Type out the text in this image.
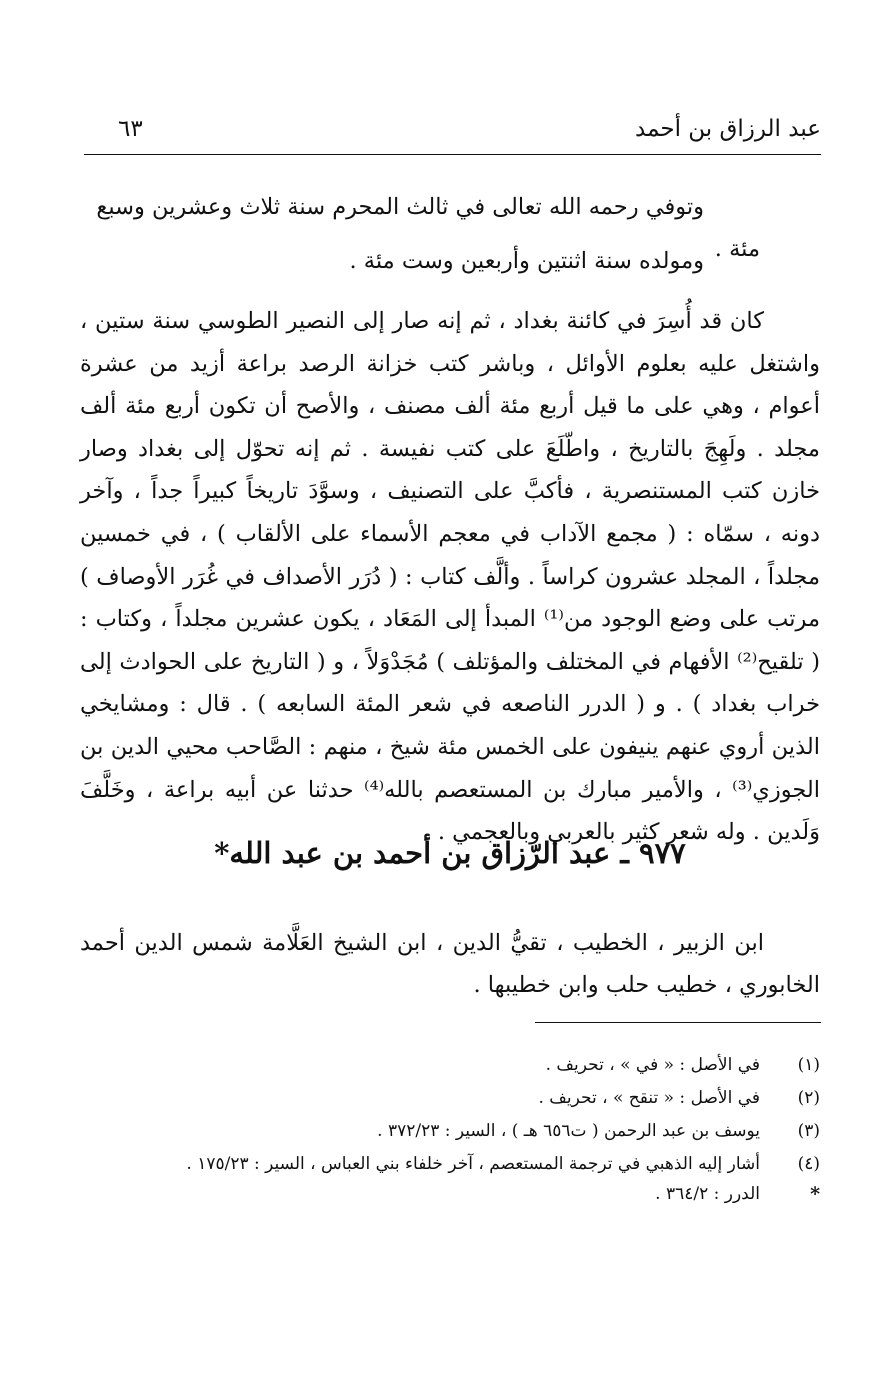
عبد الرزاق بن أحمد
٦٣

وتوفي رحمه الله تعالى في ثالث المحرم سنة ثلاث وعشرين وسبع مئة .

ومولده سنة اثنتين وأربعين وست مئة .

كان قد أُسِرَ في كائنة بغداد ، ثم إنه صار إلى النصير الطوسي سنة ستين ، واشتغل عليه بعلوم الأوائل ، وباشر كتب خزانة الرصد براعة أزيد من عشرة أعوام ، وهي على ما قيل أربع مئة ألف مصنف ، والأصح أن تكون أربع مئة ألف مجلد . ولَهِجَ بالتاريخ ، واطّلَعَ على كتب نفيسة . ثم إنه تحوّل إلى بغداد وصار خازن كتب المستنصرية ، فأكبَّ على التصنيف ، وسوَّدَ تاريخاً كبيراً جداً ، وآخر دونه ، سمّاه : ( مجمع الآداب في معجم الأسماء على الألقاب ) ، في خمسين مجلداً ، المجلد عشرون كراساً . وألَّف كتاب : ( دُرَر الأصداف في غُرَر الأوصاف ) مرتب على وضع الوجود من⁽¹⁾ المبدأ إلى المَعَاد ، يكون عشرين مجلداً ، وكتاب : ( تلقيح⁽²⁾ الأفهام في المختلف والمؤتلف ) مُجَدْوَلاً ، و ( التاريخ على الحوادث إلى خراب بغداد ) . و ( الدرر الناصعه في شعر المئة السابعه ) . قال : ومشايخي الذين أروي عنهم ينيفون على الخمس مئة شيخ ، منهم : الصَّاحب محيي الدين بن الجوزي⁽³⁾ ، والأمير مبارك بن المستعصم بالله⁽⁴⁾ حدثنا عن أبيه براعة ، وخَلَّفَ وَلَدين . وله شعر كثير بالعربي وبالعجمي .

٩٧٧ ـ عبد الرّزاق بن أحمد بن عبد الله*

ابن الزبير ، الخطيب ، تقيُّ الدين ، ابن الشيخ العَلَّامة شمس الدين أحمد الخابوري ، خطيب حلب وابن خطيبها .

(١)
في الأصل : « في » ، تحريف .
(٢)
في الأصل : « تنقح » ، تحريف .
(٣)
يوسف بن عبد الرحمن ( ت٦٥٦ هـ ) ، السير : ٣٧٢/٢٣ .
(٤)
أشار إليه الذهبي في ترجمة المستعصم ، آخر خلفاء بني العباس ، السير : ١٧٥/٢٣ .
*
الدرر : ٣٦٤/٢ .
